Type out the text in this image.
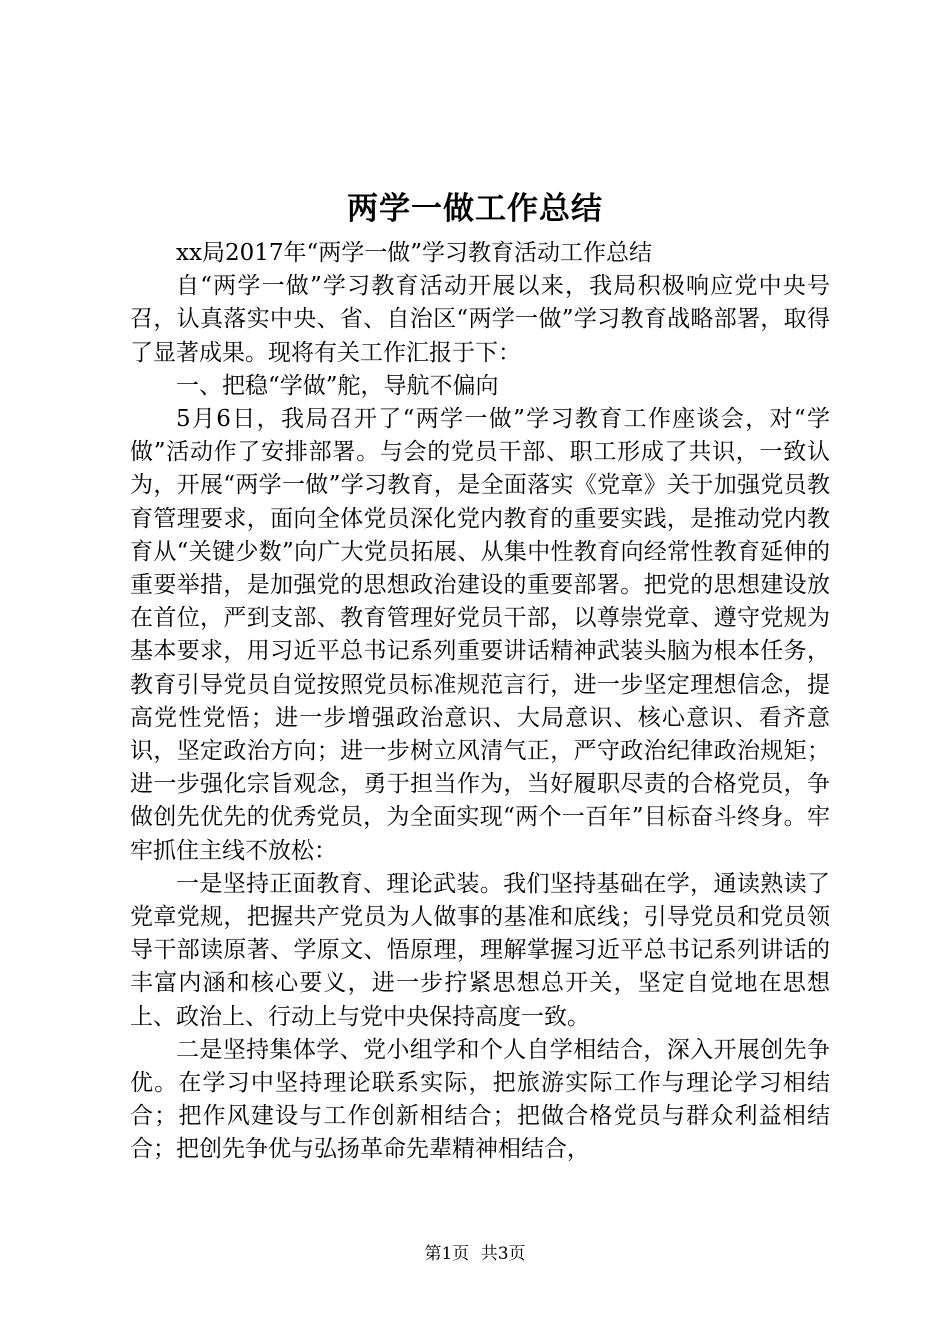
两学一做工作总结

xx局2017年“两学一做”学习教育活动工作总结

自“两学一做”学习教育活动开展以来，我局积极响应党中央号召，认真落实中央、省、自治区“两学一做”学习教育战略部署，取得了显著成果。现将有关工作汇报于下：

一、把稳“学做”舵，导航不偏向

5月6日，我局召开了“两学一做”学习教育工作座谈会，对“学做”活动作了安排部署。与会的党员干部、职工形成了共识，一致认为，开展“两学一做”学习教育，是全面落实《党章》关于加强党员教育管理要求，面向全体党员深化党内教育的重要实践，是推动党内教育从“关键少数”向广大党员拓展、从集中性教育向经常性教育延伸的重要举措，是加强党的思想政治建设的重要部署。把党的思想建设放在首位，严到支部、教育管理好党员干部，以尊崇党章、遵守党规为基本要求，用习近平总书记系列重要讲话精神武装头脑为根本任务，教育引导党员自觉按照党员标准规范言行，进一步坚定理想信念，提高党性党悟；进一步增强政治意识、大局意识、核心意识、看齐意识，坚定政治方向；进一步树立风清气正，严守政治纪律政治规矩；进一步强化宗旨观念，勇于担当作为，当好履职尽责的合格党员，争做创先优先的优秀党员，为全面实现“两个一百年”目标奋斗终身。牢牢抓住主线不放松：

一是坚持正面教育、理论武装。我们坚持基础在学，通读熟读了党章党规，把握共产党员为人做事的基准和底线；引导党员和党员领导干部读原著、学原文、悟原理，理解掌握习近平总书记系列讲话的丰富内涵和核心要义，进一步拧紧思想总开关，坚定自觉地在思想上、政治上、行动上与党中央保持高度一致。

二是坚持集体学、党小组学和个人自学相结合，深入开展创先争优。在学习中坚持理论联系实际，把旅游实际工作与理论学习相结合；把作风建设与工作创新相结合；把做合格党员与群众利益相结合；把创先争优与弘扬革命先辈精神相结合，

第1页 共3页
